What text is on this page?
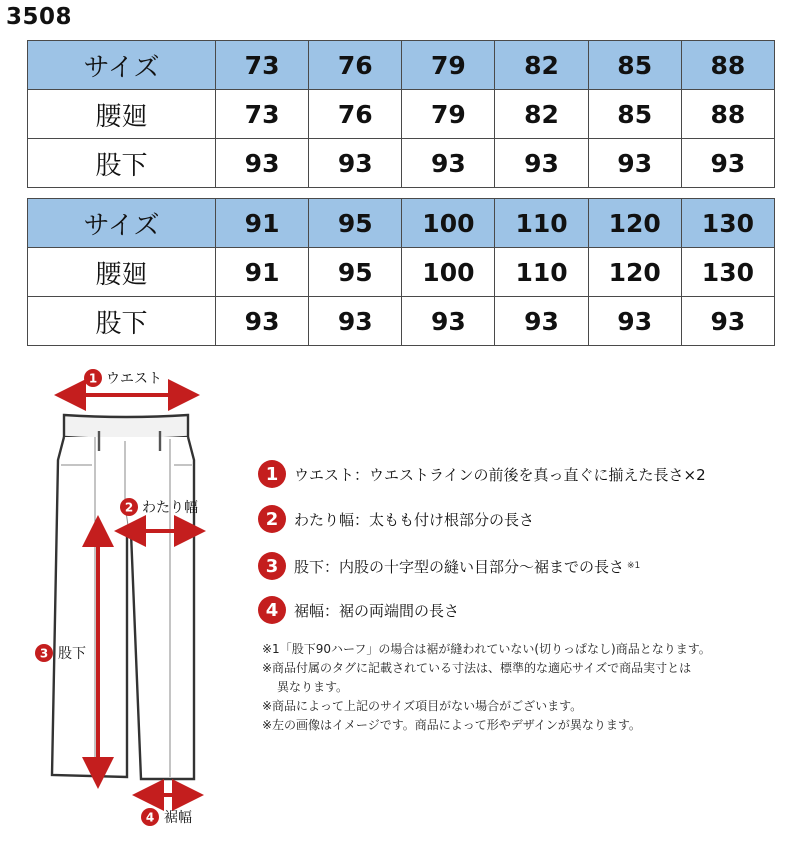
3508
サイズ	73	76	79	82	85	88
腰廻	73	76	79	82	85	88
股下	93	93	93	93	93	93
サイズ	91	95	100	110	120	130
腰廻	91	95	100	110	120	130
股下	93	93	93	93	93	93
1 ウエスト
2 わたり幅
3 股下
4 裾幅
1	ウエスト：ウエストラインの前後を真っ直ぐに揃えた長さ×2
2	わたり幅：太もも付け根部分の長さ
3	股下：内股の十字型の縫い目部分〜裾までの長さ ※1
4	裾幅：裾の両端間の長さ
※1「股下90ハーフ」の場合は裾が縫われていない(切りっぱなし)商品となります。
※商品付属のタグに記載されている寸法は、標準的な適応サイズで商品実寸とは
異なります。
※商品によって上記のサイズ項目がない場合がございます。
※左の画像はイメージです。商品によって形やデザインが異なります。
